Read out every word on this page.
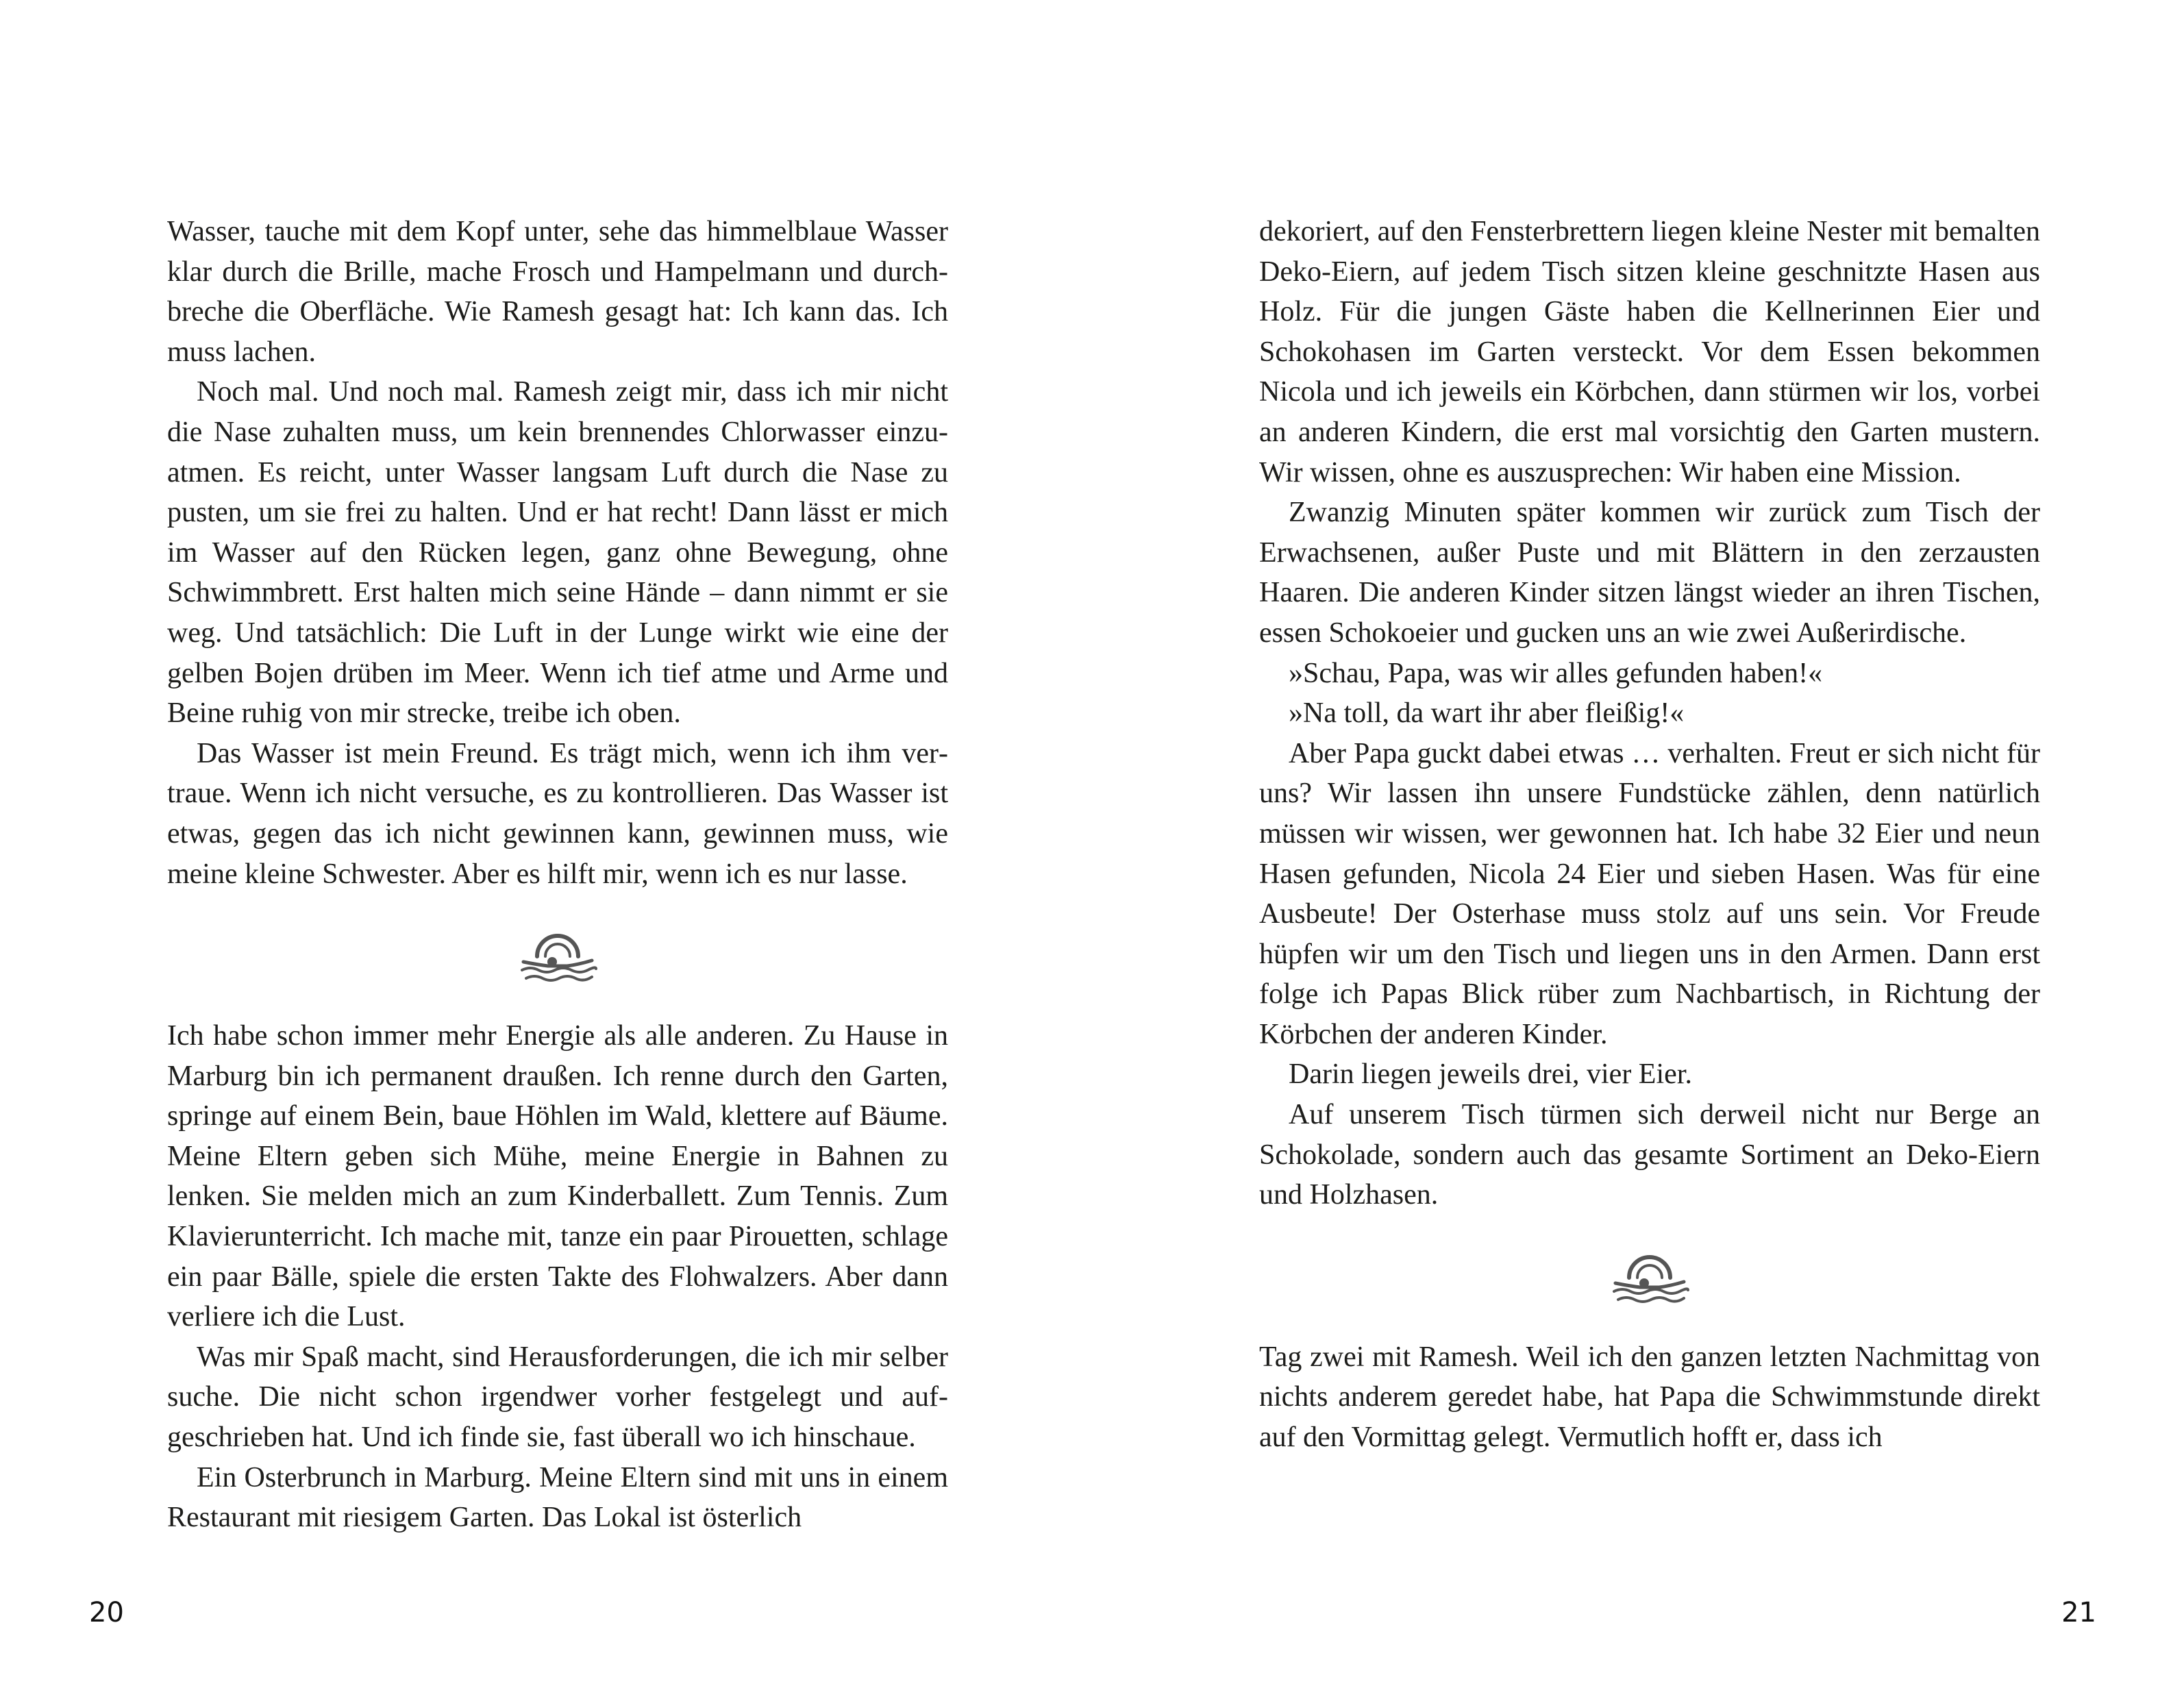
Wasser, tauche mit dem Kopf unter, sehe das himmelblaue Wasser klar durch die Brille, mache Frosch und Hampelmann und durchbreche die Oberfläche. Wie Ramesh gesagt hat: Ich kann das. Ich muss lachen.

Noch mal. Und noch mal. Ramesh zeigt mir, dass ich mir nicht die Nase zuhalten muss, um kein brennendes Chlorwasser einzuatmen. Es reicht, unter Wasser langsam Luft durch die Nase zu pusten, um sie frei zu halten. Und er hat recht! Dann lässt er mich im Wasser auf den Rücken legen, ganz ohne Bewegung, ohne Schwimmbrett. Erst halten mich seine Hände – dann nimmt er sie weg. Und tatsächlich: Die Luft in der Lunge wirkt wie eine der gelben Bojen drüben im Meer. Wenn ich tief atme und Arme und Beine ruhig von mir strecke, treibe ich oben.

Das Wasser ist mein Freund. Es trägt mich, wenn ich ihm vertraue. Wenn ich nicht versuche, es zu kontrollieren. Das Wasser ist etwas, gegen das ich nicht gewinnen kann, gewinnen muss, wie meine kleine Schwester. Aber es hilft mir, wenn ich es nur lasse.

Ich habe schon immer mehr Energie als alle anderen. Zu Hause in Marburg bin ich permanent draußen. Ich renne durch den Garten, springe auf einem Bein, baue Höhlen im Wald, klettere auf Bäume. Meine Eltern geben sich Mühe, meine Energie in Bahnen zu lenken. Sie melden mich an zum Kinderballett. Zum Tennis. Zum Klavierunterricht. Ich mache mit, tanze ein paar Pirouetten, schlage ein paar Bälle, spiele die ersten Takte des Flohwalzers. Aber dann verliere ich die Lust.

Was mir Spaß macht, sind Herausforderungen, die ich mir selber suche. Die nicht schon irgendwer vorher festgelegt und aufgeschrieben hat. Und ich finde sie, fast überall wo ich hinschaue.

Ein Osterbrunch in Marburg. Meine Eltern sind mit uns in einem Restaurant mit riesigem Garten. Das Lokal ist österlich

20

dekoriert, auf den Fensterbrettern liegen kleine Nester mit bemalten Deko-Eiern, auf jedem Tisch sitzen kleine geschnitzte Hasen aus Holz. Für die jungen Gäste haben die Kellnerinnen Eier und Schokohasen im Garten versteckt. Vor dem Essen bekommen Nicola und ich jeweils ein Körbchen, dann stürmen wir los, vorbei an anderen Kindern, die erst mal vorsichtig den Garten mustern. Wir wissen, ohne es auszusprechen: Wir haben eine Mission.

Zwanzig Minuten später kommen wir zurück zum Tisch der Erwachsenen, außer Puste und mit Blättern in den zerzausten Haaren. Die anderen Kinder sitzen längst wieder an ihren Tischen, essen Schokoeier und gucken uns an wie zwei Außerirdische.

»Schau, Papa, was wir alles gefunden haben!«

»Na toll, da wart ihr aber fleißig!«

Aber Papa guckt dabei etwas … verhalten. Freut er sich nicht für uns? Wir lassen ihn unsere Fundstücke zählen, denn natürlich müssen wir wissen, wer gewonnen hat. Ich habe 32 Eier und neun Hasen gefunden, Nicola 24 Eier und sieben Hasen. Was für eine Ausbeute! Der Osterhase muss stolz auf uns sein. Vor Freude hüpfen wir um den Tisch und liegen uns in den Armen. Dann erst folge ich Papas Blick rüber zum Nachbartisch, in Richtung der Körbchen der anderen Kinder.

Darin liegen jeweils drei, vier Eier.

Auf unserem Tisch türmen sich derweil nicht nur Berge an Schokolade, sondern auch das gesamte Sortiment an Deko-Eiern und Holzhasen.

Tag zwei mit Ramesh. Weil ich den ganzen letzten Nachmittag von nichts anderem geredet habe, hat Papa die Schwimmstunde direkt auf den Vormittag gelegt. Vermutlich hofft er, dass ich

21
